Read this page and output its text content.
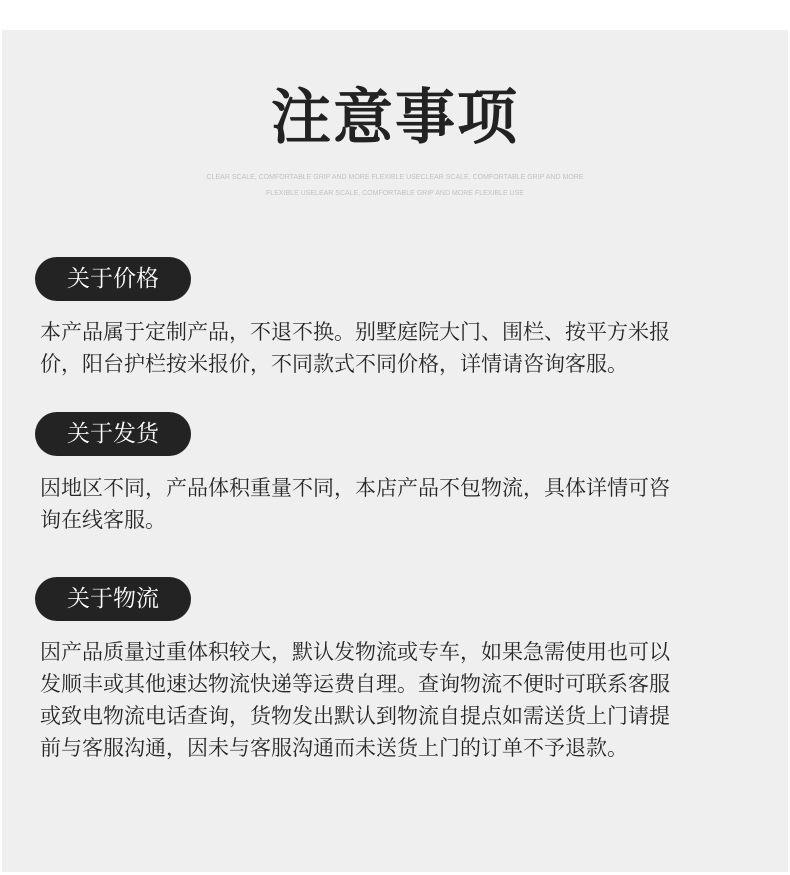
注意事项
CLEAR SCALE, COMFORTABLE GRIP AND MORE FLEXIBLE USECLEAR SCALE, COMFORTABLE GRIP AND MORE
FLEXIBLE USELEAR SCALE, COMFORTABLE GRIP AND MORE FLEXIBLE USE
关于价格
本产品属于定制产品，不退不换。别墅庭院大门、围栏、按平方米报
价，阳台护栏按米报价，不同款式不同价格，详情请咨询客服。
关于发货
因地区不同，产品体积重量不同，本店产品不包物流，具体详情可咨
询在线客服。
关于物流
因产品质量过重体积较大，默认发物流或专车，如果急需使用也可以
发顺丰或其他速达物流快递等运费自理。查询物流不便时可联系客服
或致电物流电话查询，货物发出默认到物流自提点如需送货上门请提
前与客服沟通，因未与客服沟通而未送货上门的订单不予退款。
